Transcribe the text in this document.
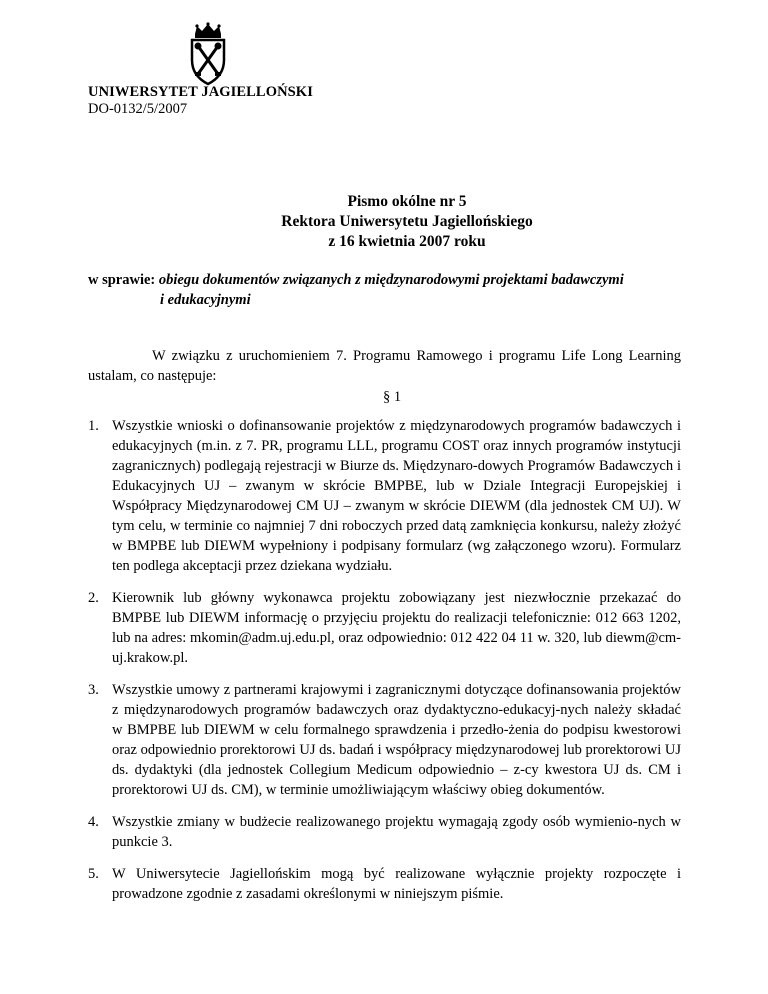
UNIWERSYTET JAGIELLOŃSKI
DO-0132/5/2007
Pismo okólne nr 5
Rektora Uniwersytetu Jagiellońskiego
z 16 kwietnia 2007 roku
w sprawie: obiegu dokumentów związanych z międzynarodowymi projektami badawczymi
i edukacyjnymi
W związku z uruchomieniem 7. Programu Ramowego i programu Life Long Learning ustalam, co następuje:
§ 1
1. Wszystkie wnioski o dofinansowanie projektów z międzynarodowych programów badawczych i edukacyjnych (m.in. z 7. PR, programu LLL, programu COST oraz innych programów instytucji zagranicznych) podlegają rejestracji w Biurze ds. Międzynaro-dowych Programów Badawczych i Edukacyjnych UJ – zwanym w skrócie BMPBE, lub w Dziale Integracji Europejskiej i Współpracy Międzynarodowej CM UJ – zwanym w skrócie DIEWM (dla jednostek CM UJ). W tym celu, w terminie co najmniej 7 dni roboczych przed datą zamknięcia konkursu, należy złożyć w BMPBE lub DIEWM wypełniony i podpisany formularz (wg załączonego wzoru). Formularz ten podlega akceptacji przez dziekana wydziału.
2. Kierownik lub główny wykonawca projektu zobowiązany jest niezwłocznie przekazać do BMPBE lub DIEWM informację o przyjęciu projektu do realizacji telefonicznie: 012 663 1202, lub na adres: mkomin@adm.uj.edu.pl, oraz odpowiednio: 012 422 04 11 w. 320, lub diewm@cm-uj.krakow.pl.
3. Wszystkie umowy z partnerami krajowymi i zagranicznymi dotyczące dofinansowania projektów z międzynarodowych programów badawczych oraz dydaktyczno-edukacyj-nych należy składać w BMPBE lub DIEWM w celu formalnego sprawdzenia i przedło-żenia do podpisu kwestorowi oraz odpowiednio prorektorowi UJ ds. badań i współpracy międzynarodowej lub prorektorowi UJ ds. dydaktyki (dla jednostek Collegium Medicum odpowiednio – z-cy kwestora UJ ds. CM i prorektorowi UJ ds. CM), w terminie umożliwiającym właściwy obieg dokumentów.
4. Wszystkie zmiany w budżecie realizowanego projektu wymagają zgody osób wymienio-nych w punkcie 3.
5. W Uniwersytecie Jagiellońskim mogą być realizowane wyłącznie projekty rozpoczęte i prowadzone zgodnie z zasadami określonymi w niniejszym piśmie.
